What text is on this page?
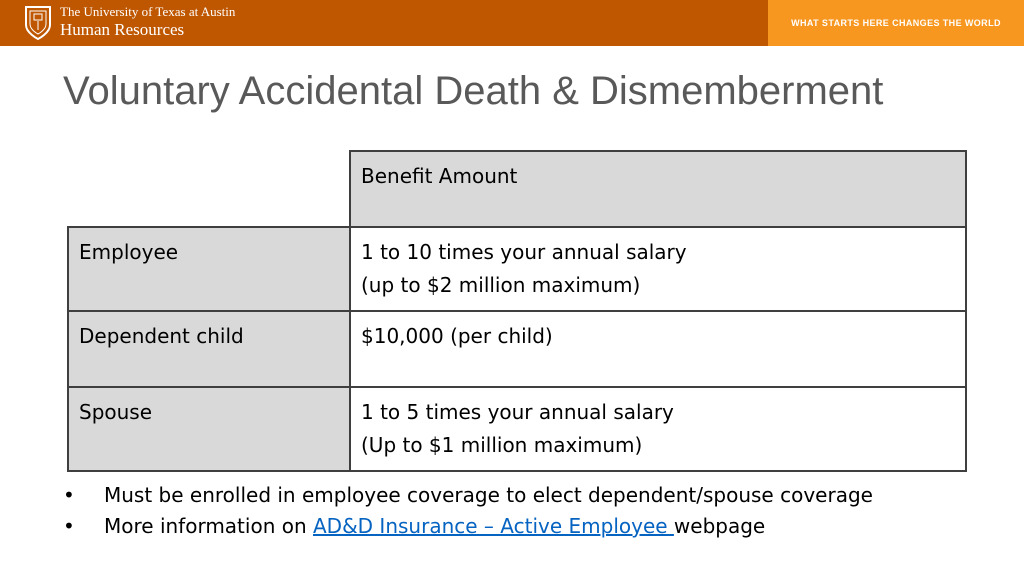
The University of Texas at Austin
Human Resources	WHAT STARTS HERE CHANGES THE WORLD
Voluntary Accidental Death & Dismemberment
	Benefit Amount
Employee	1 to 10 times your annual salary
(up to $2 million maximum)

Dependent child	$10,000 (per child)

Spouse	1 to 5 times your annual salary
(Up to $1 million maximum)
• Must be enrolled in employee coverage to elect dependent/spouse coverage
• More information on AD&D Insurance – Active Employee webpage
